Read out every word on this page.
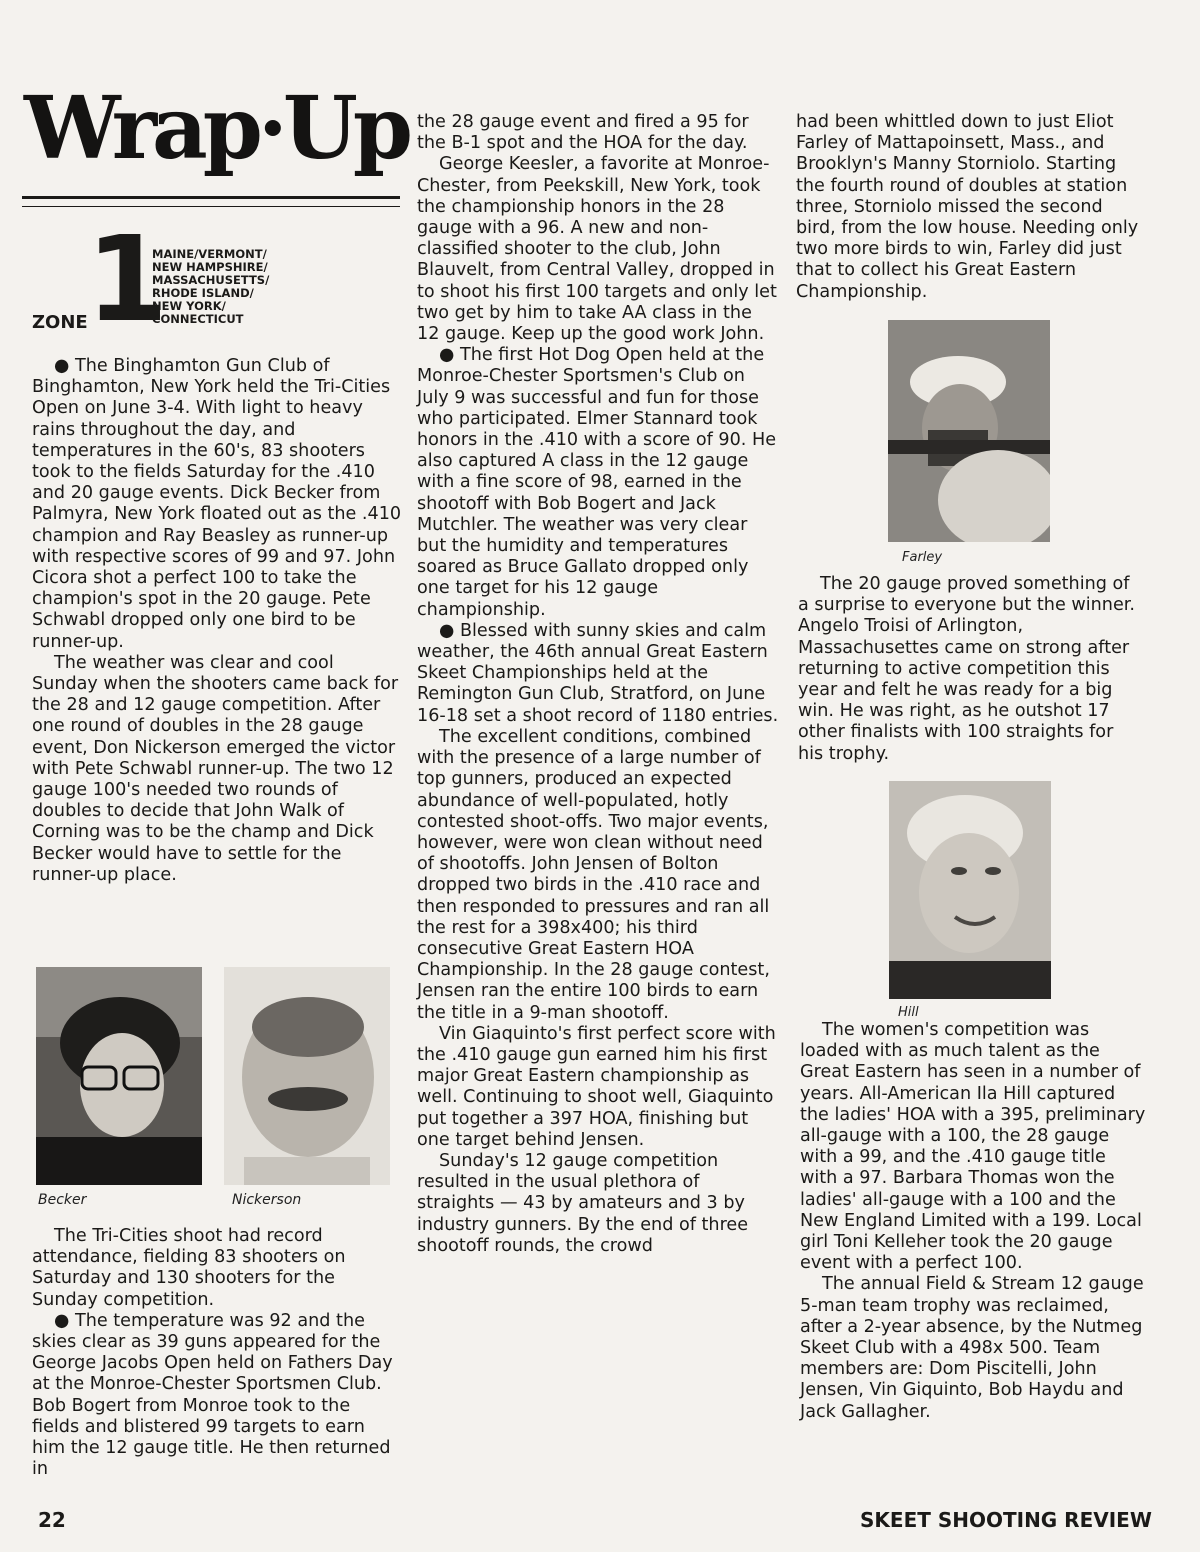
Wrap·Up
ZONE
1
MAINE/VERMONT/
NEW HAMPSHIRE/
MASSACHUSETTS/
RHODE ISLAND/
NEW YORK/
CONNECTICUT

● The Binghamton Gun Club of Binghamton, New York held the Tri-Cities Open on June 3-4. With light to heavy rains throughout the day, and temperatures in the 60's, 83 shooters took to the fields Saturday for the .410 and 20 gauge events. Dick Becker from Palmyra, New York floated out as the .410 champion and Ray Beasley as runner-up with respective scores of 99 and 97. John Cicora shot a perfect 100 to take the champion's spot in the 20 gauge. Pete Schwabl dropped only one bird to be runner-up.

The weather was clear and cool Sunday when the shooters came back for the 28 and 12 gauge competition. After one round of doubles in the 28 gauge event, Don Nickerson emerged the victor with Pete Schwabl runner-up. The two 12 gauge 100's needed two rounds of doubles to decide that John Walk of Corning was to be the champ and Dick Becker would have to settle for the runner-up place.

Becker	Nickerson

The Tri-Cities shoot had record attendance, fielding 83 shooters on Saturday and 130 shooters for the Sunday competition.

● The temperature was 92 and the skies clear as 39 guns appeared for the George Jacobs Open held on Fathers Day at the Monroe-Chester Sportsmen Club. Bob Bogert from Monroe took to the fields and blistered 99 targets to earn him the 12 gauge title. He then returned in

the 28 gauge event and fired a 95 for the B-1 spot and the HOA for the day.

George Keesler, a favorite at Monroe-Chester, from Peekskill, New York, took the championship honors in the 28 gauge with a 96. A new and non-classified shooter to the club, John Blauvelt, from Central Valley, dropped in to shoot his first 100 targets and only let two get by him to take AA class in the 12 gauge. Keep up the good work John.

● The first Hot Dog Open held at the Monroe-Chester Sportsmen's Club on July 9 was successful and fun for those who participated. Elmer Stannard took honors in the .410 with a score of 90. He also captured A class in the 12 gauge with a fine score of 98, earned in the shootoff with Bob Bogert and Jack Mutchler. The weather was very clear but the humidity and temperatures soared as Bruce Gallato dropped only one target for his 12 gauge championship.

● Blessed with sunny skies and calm weather, the 46th annual Great Eastern Skeet Championships held at the Remington Gun Club, Stratford, on June 16-18 set a shoot record of 1180 entries.

The excellent conditions, combined with the presence of a large number of top gunners, produced an expected abundance of well-populated, hotly contested shoot-offs. Two major events, however, were won clean without need of shootoffs. John Jensen of Bolton dropped two birds in the .410 race and then responded to pressures and ran all the rest for a 398x400; his third consecutive Great Eastern HOA Championship. In the 28 gauge contest, Jensen ran the entire 100 birds to earn the title in a 9-man shootoff.

Vin Giaquinto's first perfect score with the .410 gauge gun earned him his first major Great Eastern championship as well. Continuing to shoot well, Giaquinto put together a 397 HOA, finishing but one target behind Jensen.

Sunday's 12 gauge competition resulted in the usual plethora of straights — 43 by amateurs and 3 by industry gunners. By the end of three shootoff rounds, the crowd

had been whittled down to just Eliot Farley of Mattapoinsett, Mass., and Brooklyn's Manny Storniolo. Starting the fourth round of doubles at station three, Storniolo missed the second bird, from the low house. Needing only two more birds to win, Farley did just that to collect his Great Eastern Championship.

Farley

The 20 gauge proved something of a surprise to everyone but the winner. Angelo Troisi of Arlington, Massachusettes came on strong after returning to active competition this year and felt he was ready for a big win. He was right, as he outshot 17 other finalists with 100 straights for his trophy.

Hill

The women's competition was loaded with as much talent as the Great Eastern has seen in a number of years. All-American Ila Hill captured the ladies' HOA with a 395, preliminary all-gauge with a 100, the 28 gauge with a 99, and the .410 gauge title with a 97. Barbara Thomas won the ladies' all-gauge with a 100 and the New England Limited with a 199. Local girl Toni Kelleher took the 20 gauge event with a perfect 100.

The annual Field & Stream 12 gauge 5-man team trophy was reclaimed, after a 2-year absence, by the Nutmeg Skeet Club with a 498x 500. Team members are: Dom Piscitelli, John Jensen, Vin Giquinto, Bob Haydu and Jack Gallagher.

22	SKEET SHOOTING REVIEW
